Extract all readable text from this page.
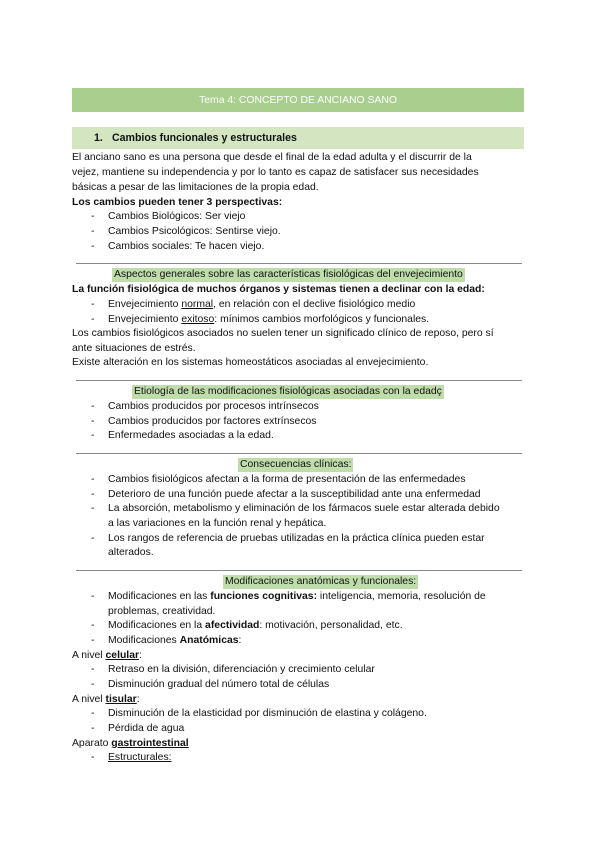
Tema 4: CONCEPTO DE ANCIANO SANO
1. Cambios funcionales y estructurales
El anciano sano es una persona que desde el final de la edad adulta y el discurrir de la
vejez, mantiene su independencia y por lo tanto es capaz de satisfacer sus necesidades
básicas a pesar de las limitaciones de la propia edad.
Los cambios pueden tener 3 perspectivas:
- Cambios Biológicos: Ser viejo
- Cambios Psicológicos: Sentirse viejo.
- Cambios sociales: Te hacen viejo.
Aspectos generales sobre las características fisiológicas del envejecimiento
La función fisiológica de muchos órganos y sistemas tienen a declinar con la edad:
- Envejecimiento normal, en relación con el declive fisiológico medio
- Envejecimiento exitoso: mínimos cambios morfológicos y funcionales.
Los cambios fisiológicos asociados no suelen tener un significado clínico de reposo, pero sí
ante situaciones de estrés.
Existe alteración en los sistemas homeostáticos asociadas al envejecimiento.
Etiología de las modificaciones fisiológicas asociadas con la edadç
- Cambios producidos por procesos intrínsecos
- Cambios producidos por factores extrínsecos
- Enfermedades asociadas a la edad.
Consecuencias clínicas:
- Cambios fisiológicos afectan a la forma de presentación de las enfermedades
- Deterioro de una función puede afectar a la susceptibilidad ante una enfermedad
- La absorción, metabolismo y eliminación de los fármacos suele estar alterada debido
a las variaciones en la función renal y hepática.
- Los rangos de referencia de pruebas utilizadas en la práctica clínica pueden estar
alterados.
Modificaciones anatómicas y funcionales:
- Modificaciones en las funciones cognitivas: inteligencia, memoria, resolución de
problemas, creatividad.
- Modificaciones en la afectividad: motivación, personalidad, etc.
- Modificaciones Anatómicas:
A nivel celular:
- Retraso en la división, diferenciación y crecimiento celular
- Disminución gradual del número total de células
A nivel tisular:
- Disminución de la elasticidad por disminución de elastina y colágeno.
- Pérdida de agua
Aparato gastrointestinal
- Estructurales:
